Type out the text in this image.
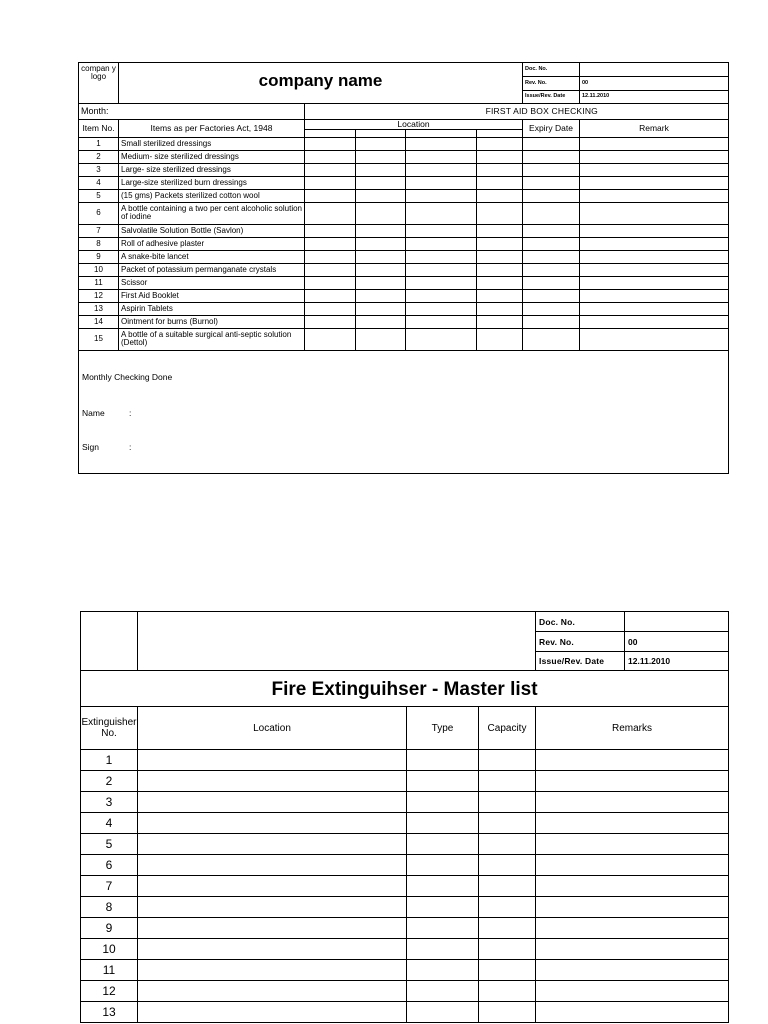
compan y logo	company name					Doc. No.	
						Rev. No.	00
						Issue/Rev. Date	12.11.2010
Month:		FIRST AID BOX CHECKING					
Item No.	Items as per Factories Act, 1948	Location				Expiry Date	Remark

1	Small sterilized dressings						
2	Medium- size sterilized dressings						
3	Large- size sterilized dressings						
4	Large-size sterilized burn dressings						
5	(15 gms) Packets sterilized cotton wool						
6	A bottle containing a two per cent alcoholic solution of iodine						
7	Salvolatile Solution Bottle (Savlon)						
8	Roll of adhesive plaster						
9	A snake-bite lancet						
10	Packet of potassium permanganate crystals						
11	Scissor						
12	First Aid Booklet						
13	Aspirin Tablets						
14	Ointment for burns (Burnol)						
15	A bottle of a suitable surgical anti-septic solution (Dettol)						

Monthly Checking Done
Name :
Sign :							
				Doc. No.	
				Rev. No.	00
				Issue/Rev. Date	12.11.2010
Fire Extinguihser - Master list					
Extinguisher No.	Location	Type	Capacity	Remarks	
1					
2					
3					
4					
5					
6					
7					
8					
9					
10					
11					
12					
13					
